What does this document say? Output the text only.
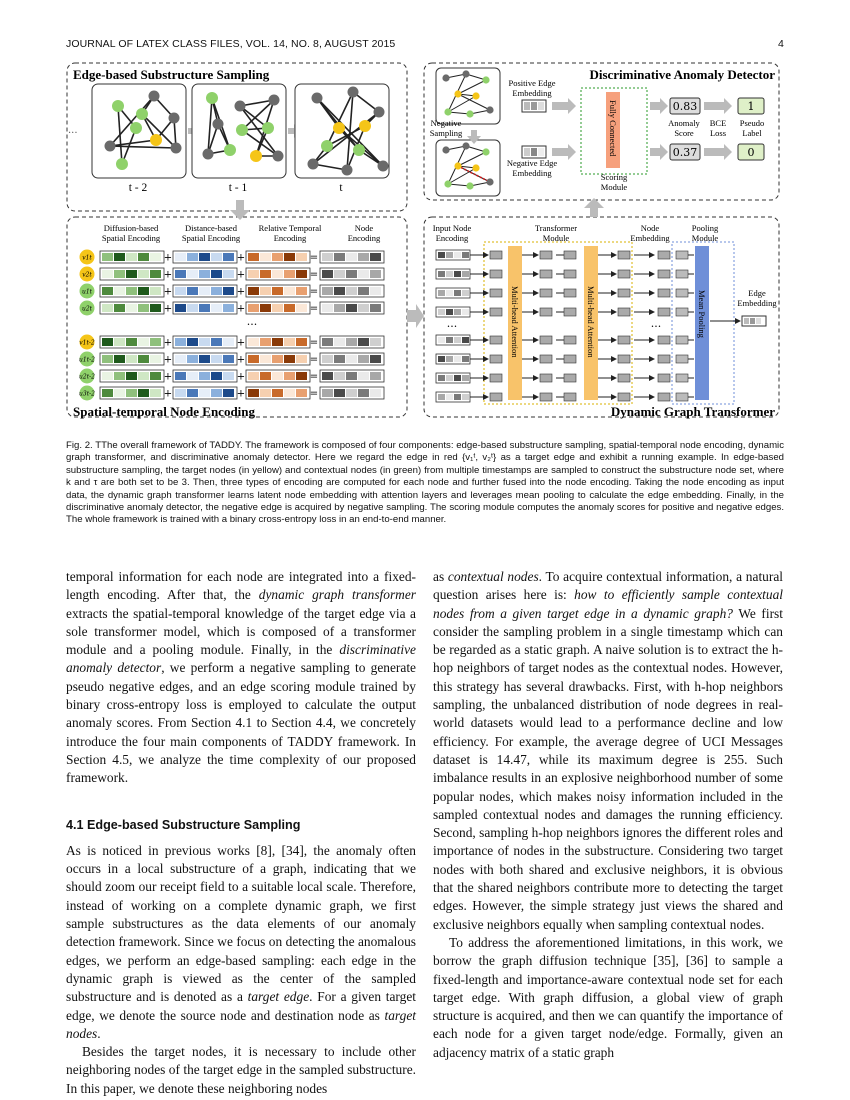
JOURNAL OF LATEX CLASS FILES, VOL. 14, NO. 8, AUGUST 2015	4
Edge-based Substructure Sampling
Spatial-temporal Node Encoding
Discriminative Anomaly Detector
Dynamic Graph Transformer
t - 2	t - 1	t
...
Diffusion-based Spatial Encoding
Distance-based Spatial Encoding
Relative Temporal Encoding
Node Encoding
v1t	+	+	=
v2t	+	+	=
u1t	+	+	=
u2t	+	+	=
v1t-2	+	+	=
u1t-2	+	+	=
u2t-2	+	+	=
u3t-2	+	+	=
···
Input Node Encoding
Transformer Module
Node Embedding
Pooling Module
Edge Embedding
Multi-head Attention	Multi-head Attention	Mean Pooling
···	···
Positive Edge Embedding
Negative Edge Embedding
Negative Sampling
Scoring Module
Anomaly Score
BCE Loss
Pseudo Label
Fully Connected	0.83
0.37
1
0
Fig. 2. TThe overall framework of TADDY. The framework is composed of four components: edge-based substructure sampling, spatial-temporal node encoding, dynamic graph transformer, and discriminative anomaly detector. Here we regard the edge in red {v₁ᵗ, v₂ᵗ} as a target edge and exhibit a running example. In edge-based substructure sampling, the target nodes (in yellow) and contextual nodes (in green) from multiple timestamps are sampled to construct the substructure node set, where k and τ are both set to be 3. Then, three types of encoding are computed for each node and further fused into the node encoding. Taking the node encoding as input data, the dynamic graph transformer learns latent node embedding with attention layers and leverages mean pooling to calculate the edge embedding. Finally, in the discriminative anomaly detector, the negative edge is acquired by negative sampling. The scoring module computes the anomaly scores for positive and negative edges. The whole framework is trained with a binary cross-entropy loss in an end-to-end manner.

temporal information for each node are integrated into a fixed-length encoding. After that, the dynamic graph transformer extracts the spatial-temporal knowledge of the target edge via a sole transformer model, which is composed of a transformer module and a pooling module. Finally, in the discriminative anomaly detector, we perform a negative sampling to generate pseudo negative edges, and an edge scoring module trained by binary cross-entropy loss is employed to calculate the output anomaly scores. From Section 4.1 to Section 4.4, we concretely introduce the four main components of TADDY framework. In Section 4.5, we analyze the time complexity of our proposed framework.

4.1 Edge-based Substructure Sampling

As is noticed in previous works [8], [34], the anomaly often occurs in a local substructure of a graph, indicating that we should zoom our receipt field to a suitable local scale. Therefore, instead of working on a complete dynamic graph, we first sample substructures as the data elements of our anomaly detection framework. Since we focus on detecting the anomalous edges, we perform an edge-based sampling: each edge in the dynamic graph is viewed as the center of the sampled substructure and is denoted as a target edge. For a given target edge, we denote the source node and destination node as target nodes.

Besides the target nodes, it is necessary to include other neighboring nodes of the target edge in the sampled substructure. In this paper, we denote these neighboring nodes

as contextual nodes. To acquire contextual information, a natural question arises here is: how to efficiently sample contextual nodes from a given target edge in a dynamic graph? We first consider the sampling problem in a single timestamp which can be regarded as a static graph. A naive solution is to extract the h-hop neighbors of target nodes as the contextual nodes. However, this strategy has several drawbacks. First, with h-hop neighbors sampling, the unbalanced distribution of node degrees in real-world datasets would lead to a performance decline and low efficiency. For example, the average degree of UCI Messages dataset is 14.47, while its maximum degree is 255. Such imbalance results in an explosive neighborhood number of some popular nodes, which makes noisy information included in the sampled contextual nodes and damages the running efficiency. Second, sampling h-hop neighbors ignores the different roles and importance of nodes in the substructure. Considering two target nodes with both shared and exclusive neighbors, it is obvious that the shared neighbors contribute more to detecting the target edges. However, the simple strategy just views the shared and exclusive neighbors equally when sampling contextual nodes.

To address the aforementioned limitations, in this work, we borrow the graph diffusion technique [35], [36] to sample a fixed-length and importance-aware contextual node set for each target edge. With graph diffusion, a global view of graph structure is acquired, and then we can quantify the importance of each node for a given target node/edge. Formally, given an adjacency matrix of a static graph
